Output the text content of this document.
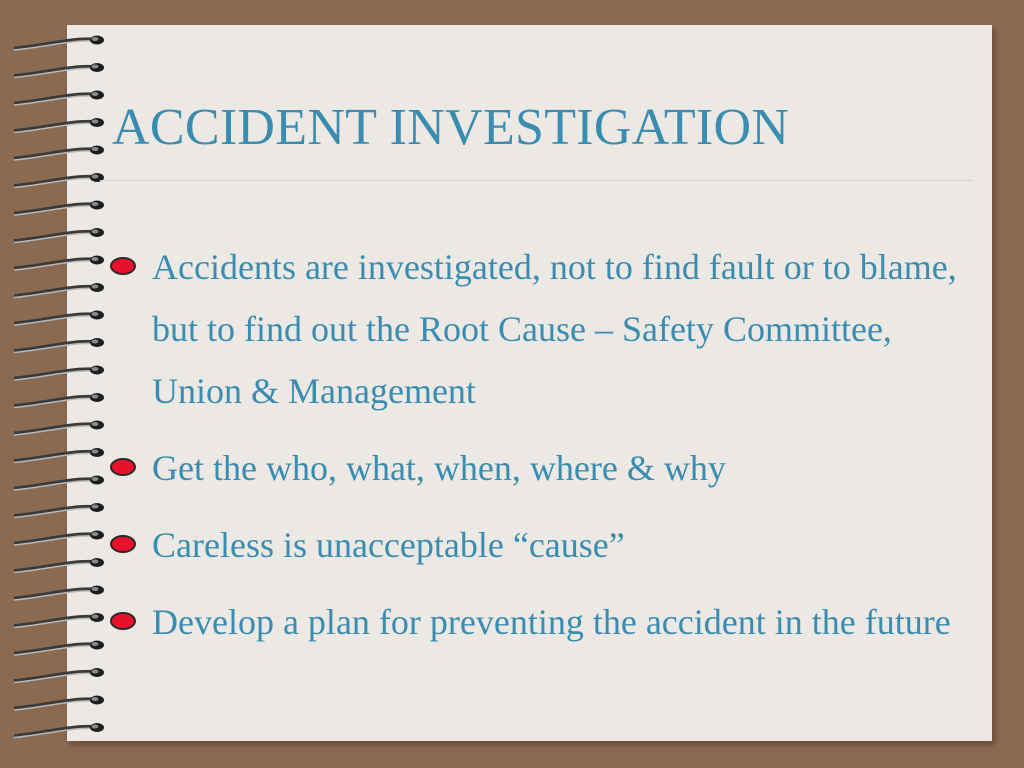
ACCIDENT INVESTIGATION
Accidents are investigated, not to find fault or to blame, but to find out the Root Cause – Safety Committee, Union & Management
Get the who, what, when, where & why
Careless is unacceptable “cause”
Develop a plan for preventing the accident in the future
